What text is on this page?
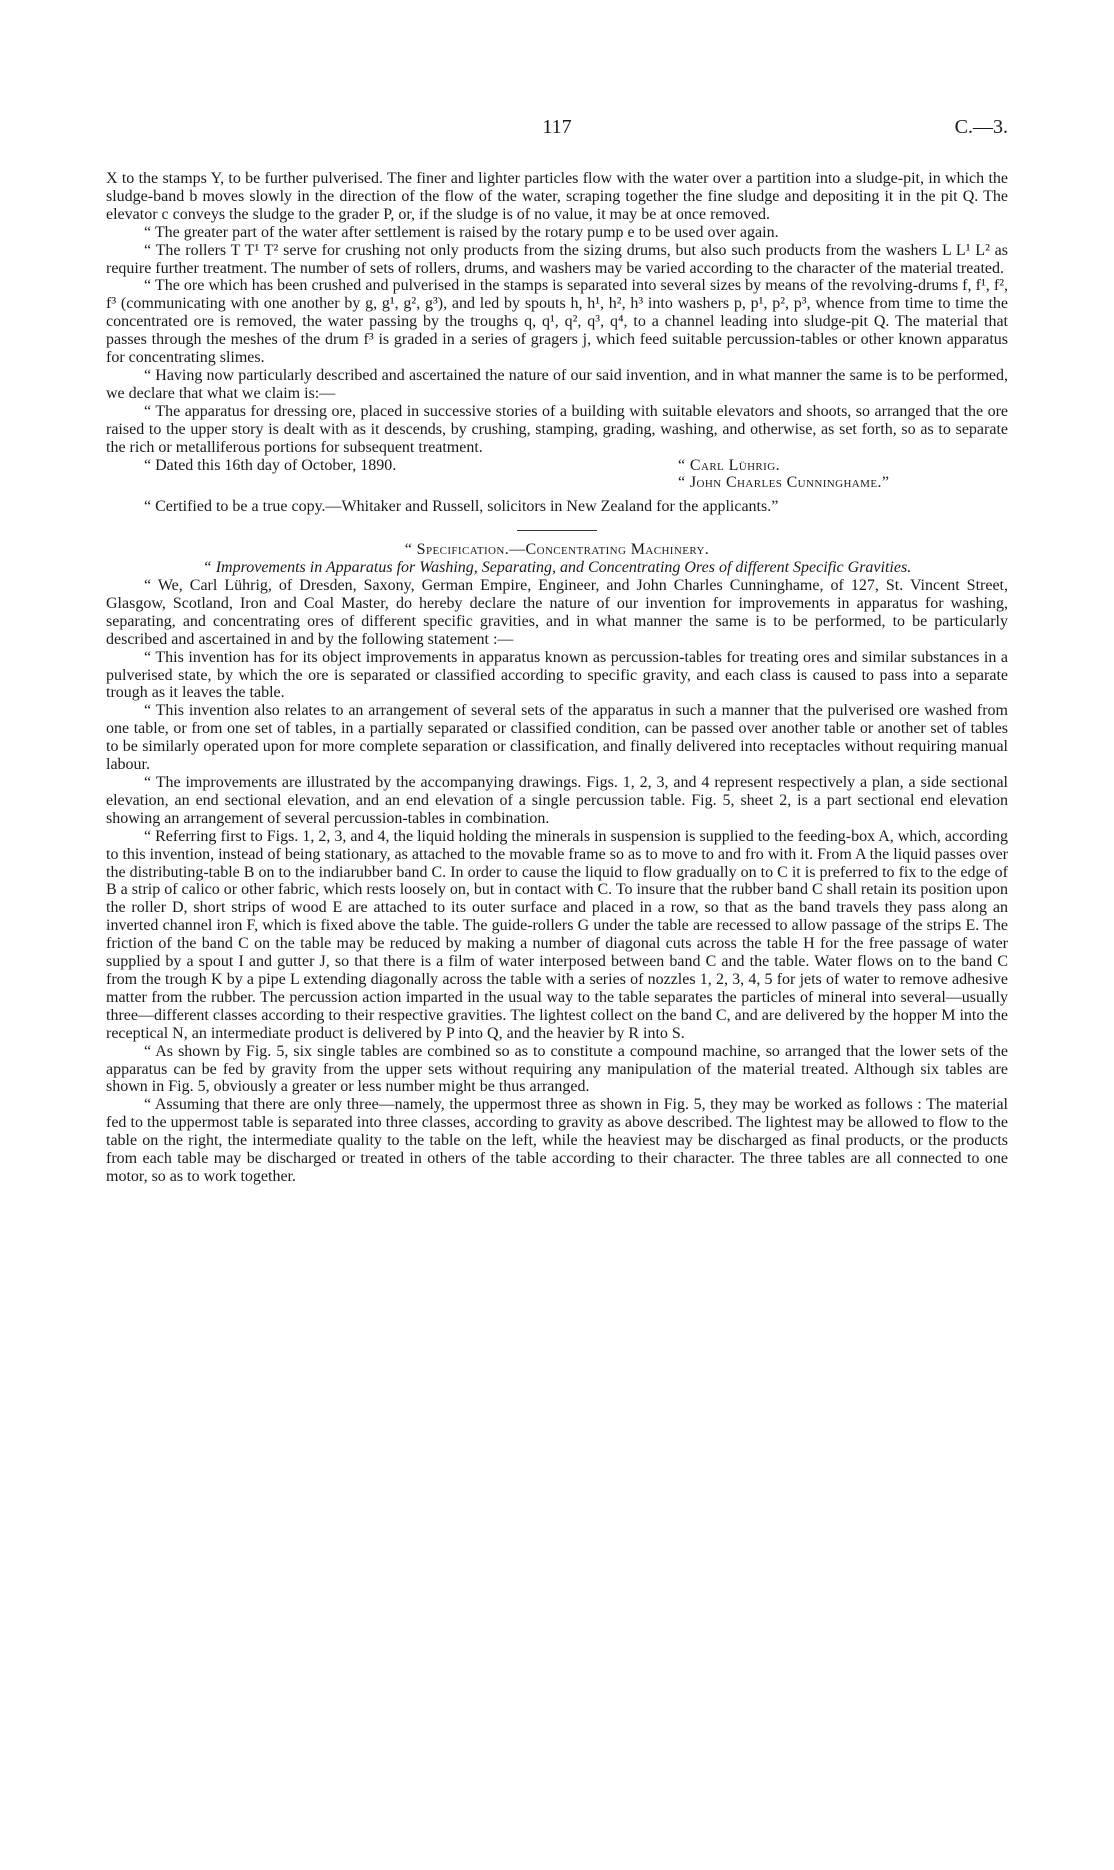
117	C.—3.

X to the stamps Y, to be further pulverised. The finer and lighter particles flow with the water over a partition into a sludge-pit, in which the sludge-band b moves slowly in the direction of the flow of the water, scraping together the fine sludge and depositing it in the pit Q. The elevator c conveys the sludge to the grader P, or, if the sludge is of no value, it may be at once removed.

“ The greater part of the water after settlement is raised by the rotary pump e to be used over again.

“ The rollers T T¹ T² serve for crushing not only products from the sizing drums, but also such products from the washers L L¹ L² as require further treatment. The number of sets of rollers, drums, and washers may be varied according to the character of the material treated.

“ The ore which has been crushed and pulverised in the stamps is separated into several sizes by means of the revolving-drums f, f¹, f², f³ (communicating with one another by g, g¹, g², g³), and led by spouts h, h¹, h², h³ into washers p, p¹, p², p³, whence from time to time the concentrated ore is removed, the water passing by the troughs q, q¹, q², q³, q⁴, to a channel leading into sludge-pit Q. The material that passes through the meshes of the drum f³ is graded in a series of gragers j, which feed suitable percussion-tables or other known apparatus for concentrating slimes.

“ Having now particularly described and ascertained the nature of our said invention, and in what manner the same is to be performed, we declare that what we claim is:—

“ The apparatus for dressing ore, placed in successive stories of a building with suitable elevators and shoots, so arranged that the ore raised to the upper story is dealt with as it descends, by crushing, stamping, grading, washing, and otherwise, as set forth, so as to separate the rich or metalliferous portions for subsequent treatment.

“ Dated this 16th day of October, 1890.	“ Carl Lührig.
“ John Charles Cunninghame.”

“ Certified to be a true copy.—Whitaker and Russell, solicitors in New Zealand for the applicants.”

“ Specification.—Concentrating Machinery.

“ Improvements in Apparatus for Washing, Separating, and Concentrating Ores of different Specific Gravities.

“ We, Carl Lührig, of Dresden, Saxony, German Empire, Engineer, and John Charles Cunninghame, of 127, St. Vincent Street, Glasgow, Scotland, Iron and Coal Master, do hereby declare the nature of our invention for improvements in apparatus for washing, separating, and concentrating ores of different specific gravities, and in what manner the same is to be performed, to be particularly described and ascertained in and by the following statement :—

“ This invention has for its object improvements in apparatus known as percussion-tables for treating ores and similar substances in a pulverised state, by which the ore is separated or classified according to specific gravity, and each class is caused to pass into a separate trough as it leaves the table.

“ This invention also relates to an arrangement of several sets of the apparatus in such a manner that the pulverised ore washed from one table, or from one set of tables, in a partially separated or classified condition, can be passed over another table or another set of tables to be similarly operated upon for more complete separation or classification, and finally delivered into receptacles without requiring manual labour.

“ The improvements are illustrated by the accompanying drawings. Figs. 1, 2, 3, and 4 represent respectively a plan, a side sectional elevation, an end sectional elevation, and an end elevation of a single percussion table. Fig. 5, sheet 2, is a part sectional end elevation showing an arrangement of several percussion-tables in combination.

“ Referring first to Figs. 1, 2, 3, and 4, the liquid holding the minerals in suspension is supplied to the feeding-box A, which, according to this invention, instead of being stationary, as attached to the movable frame so as to move to and fro with it. From A the liquid passes over the distributing-table B on to the indiarubber band C. In order to cause the liquid to flow gradually on to C it is preferred to fix to the edge of B a strip of calico or other fabric, which rests loosely on, but in contact with C. To insure that the rubber band C shall retain its position upon the roller D, short strips of wood E are attached to its outer surface and placed in a row, so that as the band travels they pass along an inverted channel iron F, which is fixed above the table. The guide-rollers G under the table are recessed to allow passage of the strips E. The friction of the band C on the table may be reduced by making a number of diagonal cuts across the table H for the free passage of water supplied by a spout I and gutter J, so that there is a film of water interposed between band C and the table. Water flows on to the band C from the trough K by a pipe L extending diagonally across the table with a series of nozzles 1, 2, 3, 4, 5 for jets of water to remove adhesive matter from the rubber. The percussion action imparted in the usual way to the table separates the particles of mineral into several—usually three—different classes according to their respective gravities. The lightest collect on the band C, and are delivered by the hopper M into the receptical N, an intermediate product is delivered by P into Q, and the heavier by R into S.

“ As shown by Fig. 5, six single tables are combined so as to constitute a compound machine, so arranged that the lower sets of the apparatus can be fed by gravity from the upper sets without requiring any manipulation of the material treated. Although six tables are shown in Fig. 5, obviously a greater or less number might be thus arranged.

“ Assuming that there are only three—namely, the uppermost three as shown in Fig. 5, they may be worked as follows : The material fed to the uppermost table is separated into three classes, according to gravity as above described. The lightest may be allowed to flow to the table on the right, the intermediate quality to the table on the left, while the heaviest may be discharged as final products, or the products from each table may be discharged or treated in others of the table according to their character. The three tables are all connected to one motor, so as to work together.
